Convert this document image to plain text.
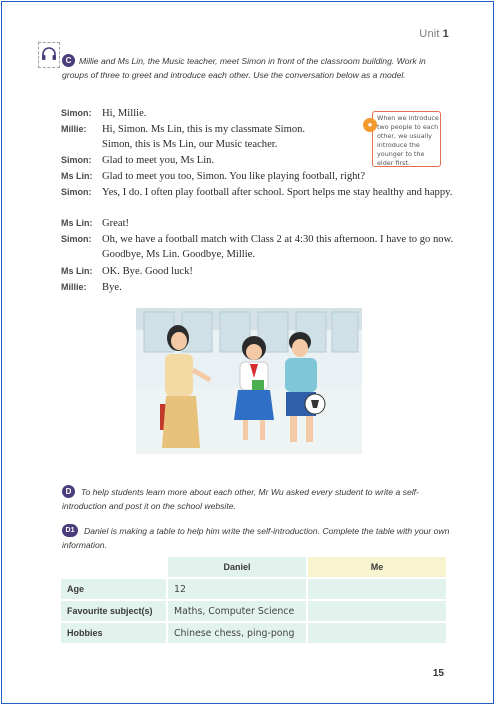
Unit 1
C Millie and Ms Lin, the Music teacher, meet Simon in front of the classroom building. Work in groups of three to greet and introduce each other. Use the conversation below as a model.
Simon: Hi, Millie.
Millie: Hi, Simon. Ms Lin, this is my classmate Simon. Simon, this is Ms Lin, our Music teacher.
Simon: Glad to meet you, Ms Lin.
Ms Lin: Glad to meet you too, Simon. You like playing football, right?
Simon: Yes, I do. I often play football after school. Sport helps me stay healthy and happy.
Ms Lin: Great!
Simon: Oh, we have a football match with Class 2 at 4:30 this afternoon. I have to go now. Goodbye, Ms Lin. Goodbye, Millie.
Ms Lin: OK. Bye. Good luck!
Millie: Bye.
When we introduce two people to each other, we usually introduce the younger to the elder first.
●
D	To help students learn more about each other, Mr Wu asked every student to write a self-introduction and post it on the school website.
D1	Daniel is making a table to help him write the self-introduction. Complete the table with your own information.
	Daniel	Me
Age	12	
Favourite subject(s)	Maths, Computer Science	
Hobbies	Chinese chess, ping-pong	
15
